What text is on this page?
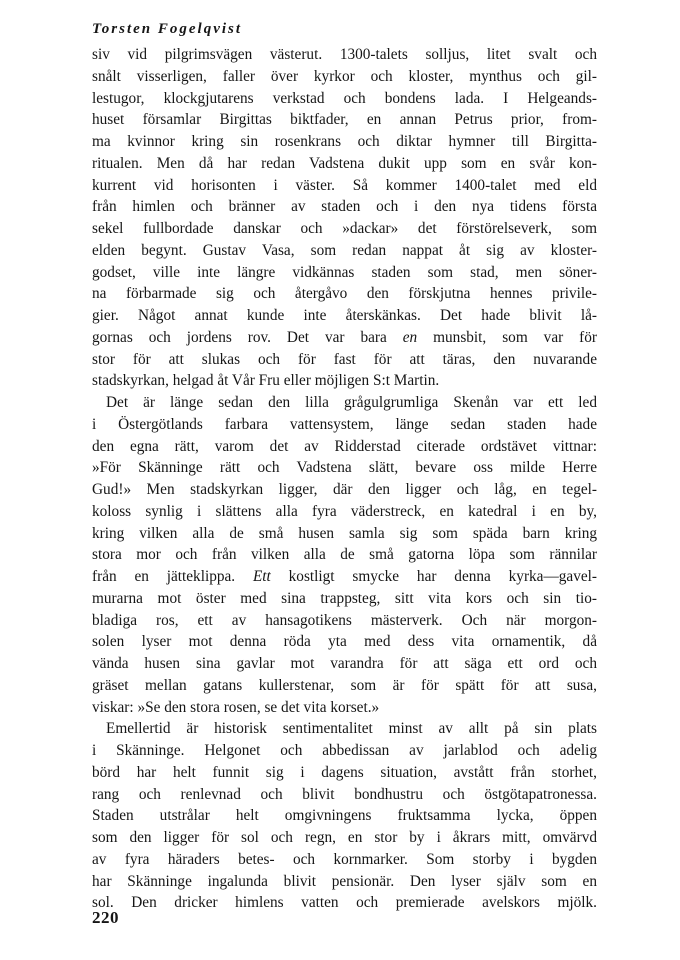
Torsten Fogelqvist

siv vid pilgrimsvägen västerut. 1300-talets solljus, litet svalt och
snålt visserligen, faller över kyrkor och kloster, mynthus och gil-
lestugor, klockgjutarens verkstad och bondens lada. I Helgeands-
huset församlar Birgittas biktfader, en annan Petrus prior, from-
ma kvinnor kring sin rosenkrans och diktar hymner till Birgitta-
ritualen. Men då har redan Vadstena dukit upp som en svår kon-
kurrent vid horisonten i väster. Så kommer 1400-talet med eld
från himlen och bränner av staden och i den nya tidens första
sekel fullbordade danskar och »dackar» det förstörelseverk, som
elden begynt. Gustav Vasa, som redan nappat åt sig av kloster-
godset, ville inte längre vidkännas staden som stad, men söner-
na förbarmade sig och återgåvo den förskjutna hennes privile-
gier. Något annat kunde inte återskänkas. Det hade blivit lå-
gornas och jordens rov. Det var bara en munsbit, som var för
stor för att slukas och för fast för att täras, den nuvarande
stadskyrkan, helgad åt Vår Fru eller möjligen S:t Martin.

Det är länge sedan den lilla grågulgrumliga Skenån var ett led
i Östergötlands farbara vattensystem, länge sedan staden hade
den egna rätt, varom det av Ridderstad citerade ordstävet vittnar:
»För Skänninge rätt och Vadstena slätt, bevare oss milde Herre
Gud!» Men stadskyrkan ligger, där den ligger och låg, en tegel-
koloss synlig i slättens alla fyra väderstreck, en katedral i en by,
kring vilken alla de små husen samla sig som späda barn kring
stora mor och från vilken alla de små gatorna löpa som rännilar
från en jätteklippa. Ett kostligt smycke har denna kyrka—gavel-
murarna mot öster med sina trappsteg, sitt vita kors och sin tio-
bladiga ros, ett av hansagotikens mästerverk. Och när morgon-
solen lyser mot denna röda yta med dess vita ornamentik, då
vända husen sina gavlar mot varandra för att säga ett ord och
gräset mellan gatans kullerstenar, som är för spätt för att susa,
viskar: »Se den stora rosen, se det vita korset.»

Emellertid är historisk sentimentalitet minst av allt på sin plats
i Skänninge. Helgonet och abbedissan av jarlablod och adelig
börd har helt funnit sig i dagens situation, avstått från storhet,
rang och renlevnad och blivit bondhustru och östgötapatronessa.
Staden utstrålar helt omgivningens fruktsamma lycka, öppen
som den ligger för sol och regn, en stor by i åkrars mitt, omvärvd
av fyra häraders betes- och kornmarker. Som storby i bygden
har Skänninge ingalunda blivit pensionär. Den lyser själv som en
sol. Den dricker himlens vatten och premierade avelskors mjölk.

220
